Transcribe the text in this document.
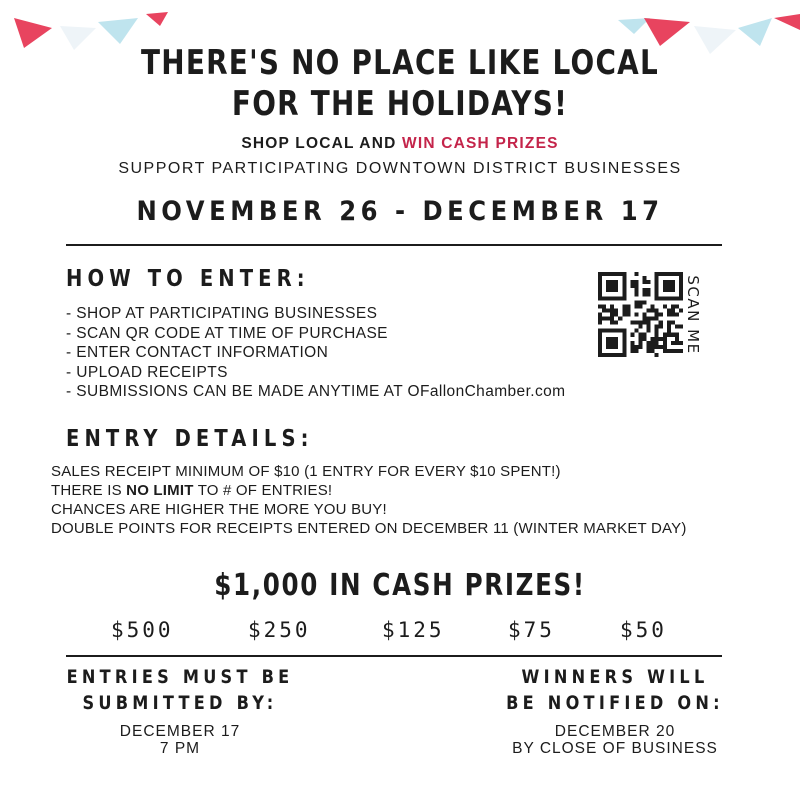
THERE'S NO PLACE LIKE LOCAL
FOR THE HOLIDAYS!
SHOP LOCAL AND WIN CASH PRIZES
SUPPORT PARTICIPATING DOWNTOWN DISTRICT BUSINESSES
NOVEMBER 26 - DECEMBER 17
HOW TO ENTER:
- SHOP AT PARTICIPATING BUSINESSES
- SCAN QR CODE AT TIME OF PURCHASE
- ENTER CONTACT INFORMATION
- UPLOAD RECEIPTS
- SUBMISSIONS CAN BE MADE ANYTIME AT OFallonChamber.com
SCAN ME
ENTRY DETAILS:
SALES RECEIPT MINIMUM OF $10 (1 ENTRY FOR EVERY $10 SPENT!)
THERE IS NO LIMIT TO # OF ENTRIES!
CHANCES ARE HIGHER THE MORE YOU BUY!
DOUBLE POINTS FOR RECEIPTS ENTERED ON DECEMBER 11 (WINTER MARKET DAY)
$1,000 IN CASH PRIZES!
$500	$250	$125	$75	$50
ENTRIES MUST BE
SUBMITTED BY:
DECEMBER 17
7 PM
WINNERS WILL
BE NOTIFIED ON:
DECEMBER 20
BY CLOSE OF BUSINESS
